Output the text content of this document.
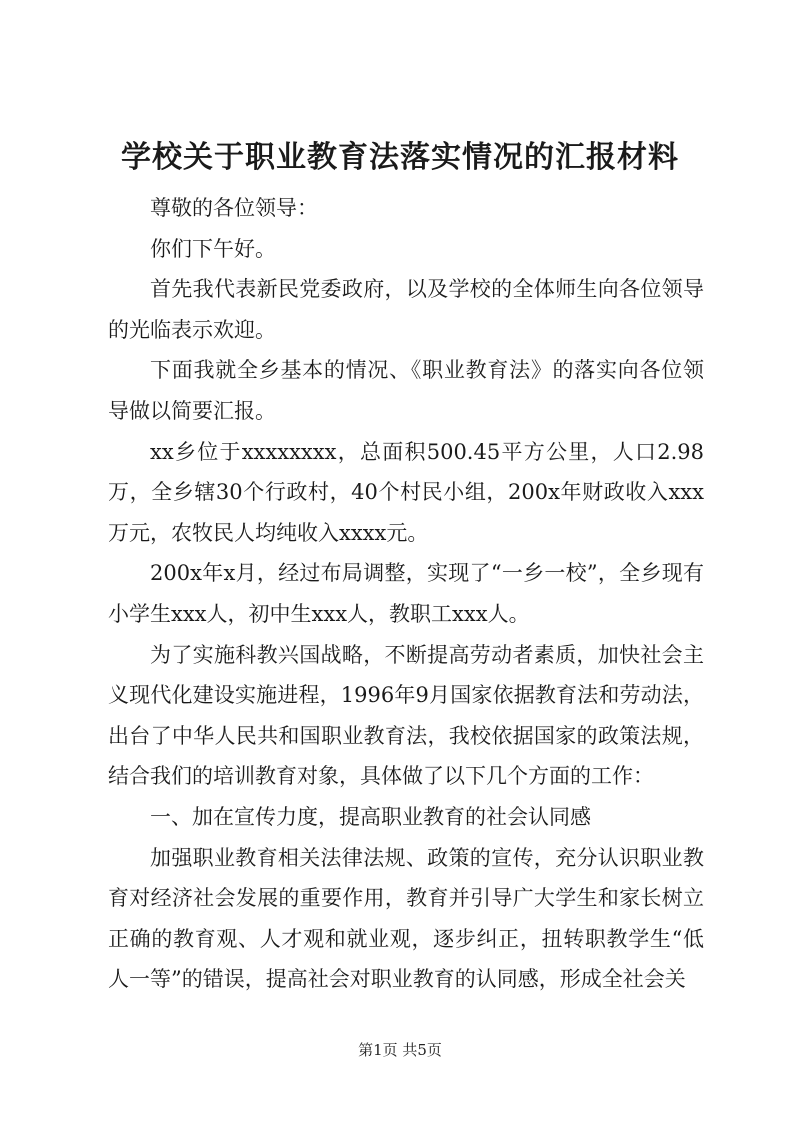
学校关于职业教育法落实情况的汇报材料

尊敬的各位领导：

你们下午好。

首先我代表新民党委政府，以及学校的全体师生向各位领导的光临表示欢迎。

下面我就全乡基本的情况、《职业教育法》的落实向各位领导做以简要汇报。

xx乡位于xxxxxxxx，总面积500.45平方公里，人口2.98万，全乡辖30个行政村，40个村民小组，200x年财政收入xxx万元，农牧民人均纯收入xxxx元。

200x年x月，经过布局调整，实现了“一乡一校”，全乡现有小学生xxx人，初中生xxx人，教职工xxx人。

为了实施科教兴国战略，不断提高劳动者素质，加快社会主义现代化建设实施进程，1996年9月国家依据教育法和劳动法，出台了中华人民共和国职业教育法，我校依据国家的政策法规，结合我们的培训教育对象，具体做了以下几个方面的工作：

一、加在宣传力度，提高职业教育的社会认同感

加强职业教育相关法律法规、政策的宣传，充分认识职业教育对经济社会发展的重要作用，教育并引导广大学生和家长树立正确的教育观、人才观和就业观，逐步纠正，扭转职教学生“低人一等”的错误，提高社会对职业教育的认同感，形成全社会关

第1页 共5页
